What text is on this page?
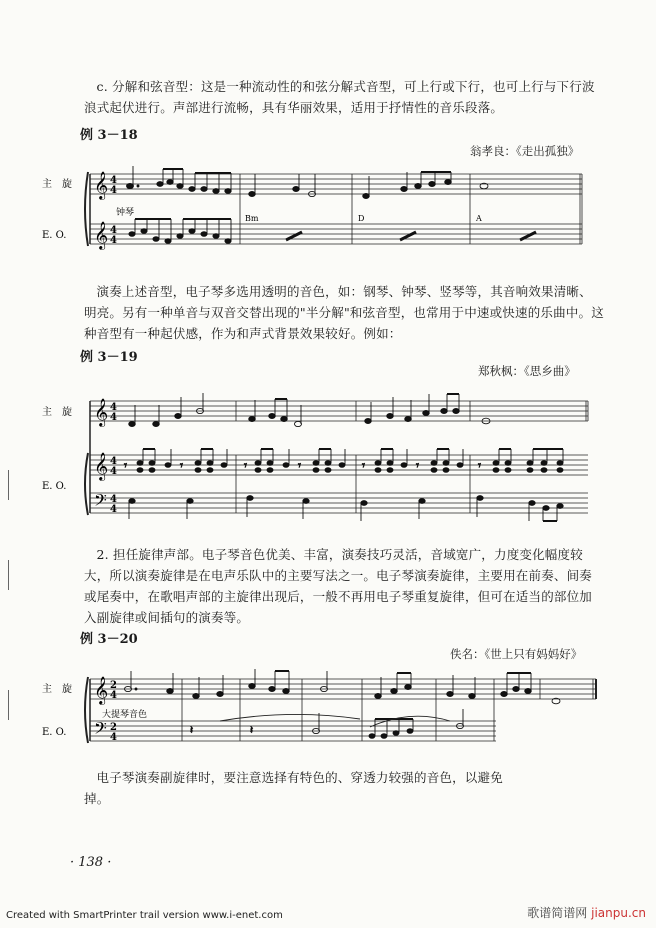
c. 分解和弦音型：这是一种流动性的和弦分解式音型，可上行或下行，也可上行与下行波浪式起伏进行。声部进行流畅，具有华丽效果，适用于抒情性的音乐段落。
例 3－18
翁孝良：《走出孤独》
𝄞
𝄞
4
4
4
4
钟琴
Bm	D	A
主　旋
E. O.
演奏上述音型，电子琴多选用透明的音色，如：钢琴、钟琴、竖琴等，其音响效果清晰、明亮。另有一种单音与双音交替出现的"半分解"和弦音型，也常用于中速或快速的乐曲中。这种音型有一种起伏感，作为和声式背景效果较好。例如：
例 3－19
郑秋枫：《思乡曲》
𝄞
𝄞
𝄢
4
4
4
4
4
4
𝄾	𝄾	𝄾	𝄾	𝄾	𝄾	𝄾
主　旋
E. O.
2. 担任旋律声部。电子琴音色优美、丰富，演奏技巧灵活，音域宽广，力度变化幅度较大，所以演奏旋律是在电声乐队中的主要写法之一。电子琴演奏旋律，主要用在前奏、间奏或尾奏中，在歌唱声部的主旋律出现后，一般不再用电子琴重复旋律，但可在适当的部位加入副旋律或间插句的演奏等。
例 3－20
佚名：《世上只有妈妈好》
𝄞
𝄢
2
4
2
4
𝄽	𝄽
大提琴音色
主　旋
E. O.
电子琴演奏副旋律时，要注意选择有特色的、穿透力较强的音色，以避免掉。
· 138 ·
Created with SmartPrinter trail version www.i-enet.com	歌谱简谱网 jianpu.cn
